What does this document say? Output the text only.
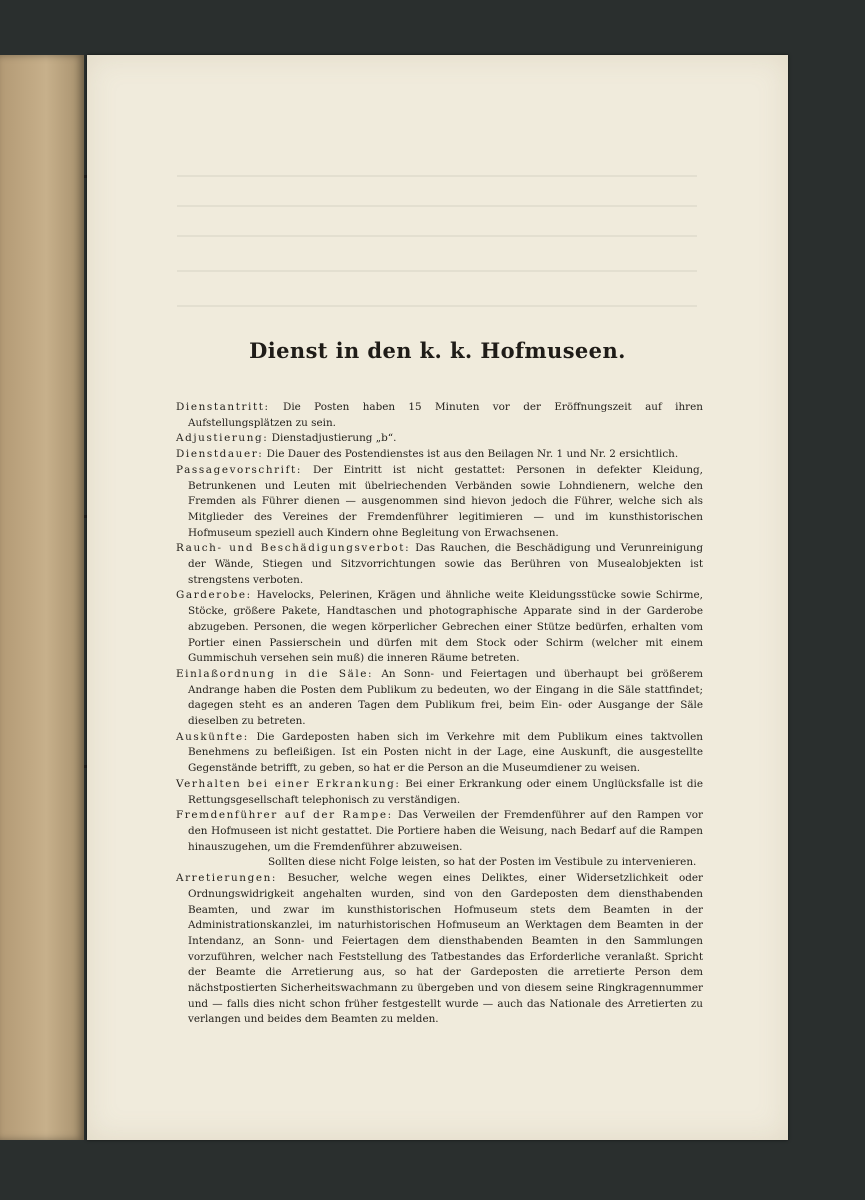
Dienst in den k. k. Hofmuseen.

Dienstantritt: Die Posten haben 15 Minuten vor der Eröffnungszeit auf ihren Aufstellungsplätzen zu sein.

Adjustierung: Dienstadjustierung „b“.

Dienstdauer: Die Dauer des Postendienstes ist aus den Beilagen Nr. 1 und Nr. 2 ersichtlich.

Passagevorschrift: Der Eintritt ist nicht gestattet: Personen in defekter Kleidung, Betrunkenen und Leuten mit übelriechenden Verbänden sowie Lohndienern, welche den Fremden als Führer dienen — ausgenommen sind hievon jedoch die Führer, welche sich als Mitglieder des Vereines der Fremdenführer legitimieren — und im kunsthistorischen Hofmuseum speziell auch Kindern ohne Begleitung von Erwachsenen.

Rauch- und Beschädigungsverbot: Das Rauchen, die Beschädigung und Verunreinigung der Wände, Stiegen und Sitzvorrichtungen sowie das Berühren von Musealobjekten ist strengstens verboten.

Garderobe: Havelocks, Pelerinen, Krägen und ähnliche weite Kleidungsstücke sowie Schirme, Stöcke, größere Pakete, Handtaschen und photographische Apparate sind in der Garderobe abzugeben. Personen, die wegen körperlicher Gebrechen einer Stütze bedürfen, erhalten vom Portier einen Passierschein und dürfen mit dem Stock oder Schirm (welcher mit einem Gummischuh versehen sein muß) die inneren Räume betreten.

Einlaßordnung in die Säle: An Sonn- und Feiertagen und überhaupt bei größerem Andrange haben die Posten dem Publikum zu bedeuten, wo der Eingang in die Säle stattfindet; dagegen steht es an anderen Tagen dem Publikum frei, beim Ein- oder Ausgange der Säle dieselben zu betreten.

Auskünfte: Die Gardeposten haben sich im Verkehre mit dem Publikum eines taktvollen Benehmens zu befleißigen. Ist ein Posten nicht in der Lage, eine Auskunft, die ausgestellte Gegenstände betrifft, zu geben, so hat er die Person an die Museumdiener zu weisen.

Verhalten bei einer Erkrankung: Bei einer Erkrankung oder einem Unglücksfalle ist die Rettungsgesellschaft telephonisch zu verständigen.

Fremdenführer auf der Rampe: Das Verweilen der Fremdenführer auf den Rampen vor den Hofmuseen ist nicht gestattet. Die Portiere haben die Weisung, nach Bedarf auf die Rampen hinauszugehen, um die Fremdenführer abzuweisen.

Sollten diese nicht Folge leisten, so hat der Posten im Vestibule zu intervenieren.

Arretierungen: Besucher, welche wegen eines Deliktes, einer Widersetzlichkeit oder Ordnungswidrigkeit angehalten wurden, sind von den Gardeposten dem diensthabenden Beamten, und zwar im kunsthistorischen Hofmuseum stets dem Beamten in der Administrationskanzlei, im naturhistorischen Hofmuseum an Werktagen dem Beamten in der Intendanz, an Sonn- und Feiertagen dem diensthabenden Beamten in den Sammlungen vorzuführen, welcher nach Feststellung des Tatbestandes das Erforderliche veranlaßt. Spricht der Beamte die Arretierung aus, so hat der Gardeposten die arretierte Person dem nächstpostierten Sicherheitswachmann zu übergeben und von diesem seine Ringkragennummer und — falls dies nicht schon früher festgestellt wurde — auch das Nationale des Arretierten zu verlangen und beides dem Beamten zu melden.
